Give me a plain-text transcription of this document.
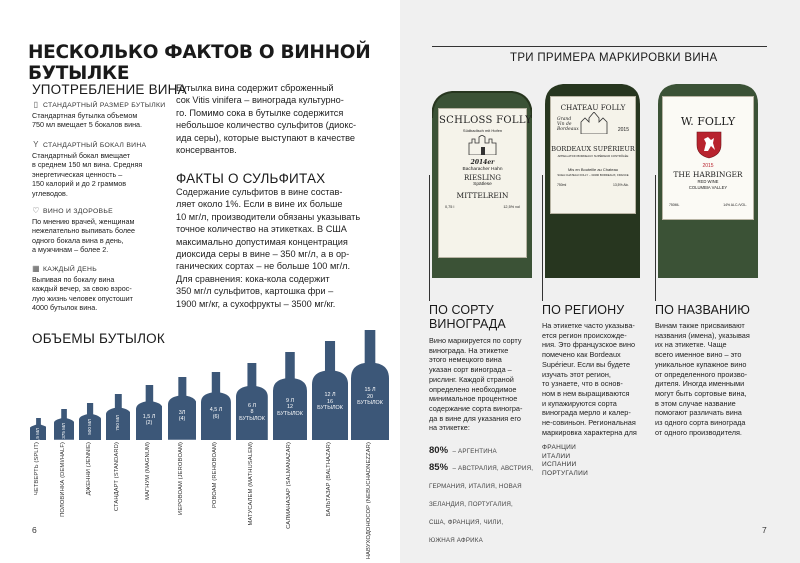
НЕСКОЛЬКО ФАКТОВ О ВИННОЙ БУТЫЛКЕ
УПОТРЕБЛЕНИЕ ВИНА
▯ СТАНДАРТНЫЙ РАЗМЕР БУТЫЛКИ
Стандартная бутылка объемом
750 мл вмещает 5 бокалов вина.
Y СТАНДАРТНЫЙ БОКАЛ ВИНА
Стандартный бокал вмещает
в среднем 150 мл вина. Средняя
энергетическая ценность –
150 калорий и до 2 граммов
углеводов.
♡ ВИНО И ЗДОРОВЬЕ
По мнению врачей, женщинам
нежелательно выпивать более
одного бокала вина в день,
а мужчинам – более 2.
▦ КАЖДЫЙ ДЕНЬ
Выпивая по бокалу вина
каждый вечер, за свою взрос-
лую жизнь человек опустошит
4000 бутылок вина.
Бутылка вина содержит сброженный
сок Vitis vinifera – винограда культурно-
го. Помимо сока в бутылке содержится
небольшое количество сульфитов (диокс-
ида серы), которые выступают в качестве
консервантов.
ФАКТЫ О СУЛЬФИТАХ
Содержание сульфитов в вине состав-
ляет около 1%. Если в вине их больше
10 мг/л, производители обязаны указывать
точное количество на этикетках. В США
максимально допустимая концентрация
диоксида серы в вине – 350 мг/л, а в ор-
ганических сортах – не больше 100 мг/л.
Для сравнения: кока-кола содержит
350 мг/л сульфитов, картошка фри –
1900 мг/кг, а сухофрукты – 3500 мг/кг.
ОБЪЕМЫ БУТЫЛОК
187,5 МЛ
ЧЕТВЕРТЬ (SPLIT)
375 МЛ
ПОЛОВИНКА (DEMI/HALF)
500 МЛ
ДЖЕННИ (JENNIE)
750 МЛ
СТАНДАРТ (STANDARD)
1,5 Л
(2)
МАГНУМ (MAGNUM)
3Л
(4)
ИЕРОВОАМ (JEROBOAM)
4,5 Л
(6)
РОВОАМ (REHOBOAM)
6 Л
8
БУТЫЛОК
МАТУСАЛЕМ (MATHUSALEM)
9 Л
12
БУТЫЛОК
САЛМАНАЗАР (SALMANAZAR)
12 Л
16
БУТЫЛОК
БАЛЬТАЗАР (BALTHAZAR)
15 Л
20
БУТЫЛОК
НАВУХОДОНОСОР (NEBUCHADNEZZAR)
6
ТРИ ПРИМЕРА МАРКИРОВКИ ВИНА
SCHLOSS FOLLY
Südbadisch mit Hofen
2014er
Bacharacher Hahn
RIESLING
Spätlese
MITTELREIN
0,75 l	12,5% vol
CHATEAU FOLLY
Grand Vin de Bordeaux	2015
BORDEAUX SUPÉRIEUR
APPELLATION BORDEAUX SUPÉRIEUR CONTRÔLÉE
Mis en Bouteille au Chateau
SCEA CHATEAU FOLLY – 33490 BORDEAUX, FRANCE
750ml	13,5% Alc.
W. FOLLY
2015
THE HARBINGER
RED WINE
COLUMBIA VALLEY
750ML	14% ALC./VOL.
ПО СОРТУ
ВИНОГРАДА
Вино маркируется по сорту
винограда. На этикетке
этого немецкого вина
указан сорт винограда –
рислинг. Каждой страной
определено необходимое
минимальное процентное
содержание сорта виногра-
да в вине для указания его
на этикетке:
80% – АРГЕНТИНА
85% – АВСТРАЛИЯ, АВСТРИЯ,
ГЕРМАНИЯ, ИТАЛИЯ, НОВАЯ
ЗЕЛАНДИЯ, ПОРТУГАЛИЯ,
США, ФРАНЦИЯ, ЧИЛИ,
ЮЖНАЯ АФРИКА
ПО РЕГИОНУ
На этикетке часто указыва-
ется регион происхожде-
ния. Это французское вино
помечено как Bordeaux
Supérieur. Если вы будете
изучать этот регион,
то узнаете, что в основ-
ном в нем выращиваются
и купажируются сорта
винограда мерло и калер-
не-совиньон. Региональная
маркировка характерна для
ФРАНЦИИ
ИТАЛИИ
ИСПАНИИ
ПОРТУГАЛИИ
ПО НАЗВАНИЮ
Винам также присваивают
названия (имена), указывая
их на этикетке. Чаще
всего именное вино – это
уникальное купажное вино
от определенного произво-
дителя. Иногда именными
могут быть сортовые вина,
в этом случае название
помогают различать вина
из одного сорта винограда
от одного производителя.
7
